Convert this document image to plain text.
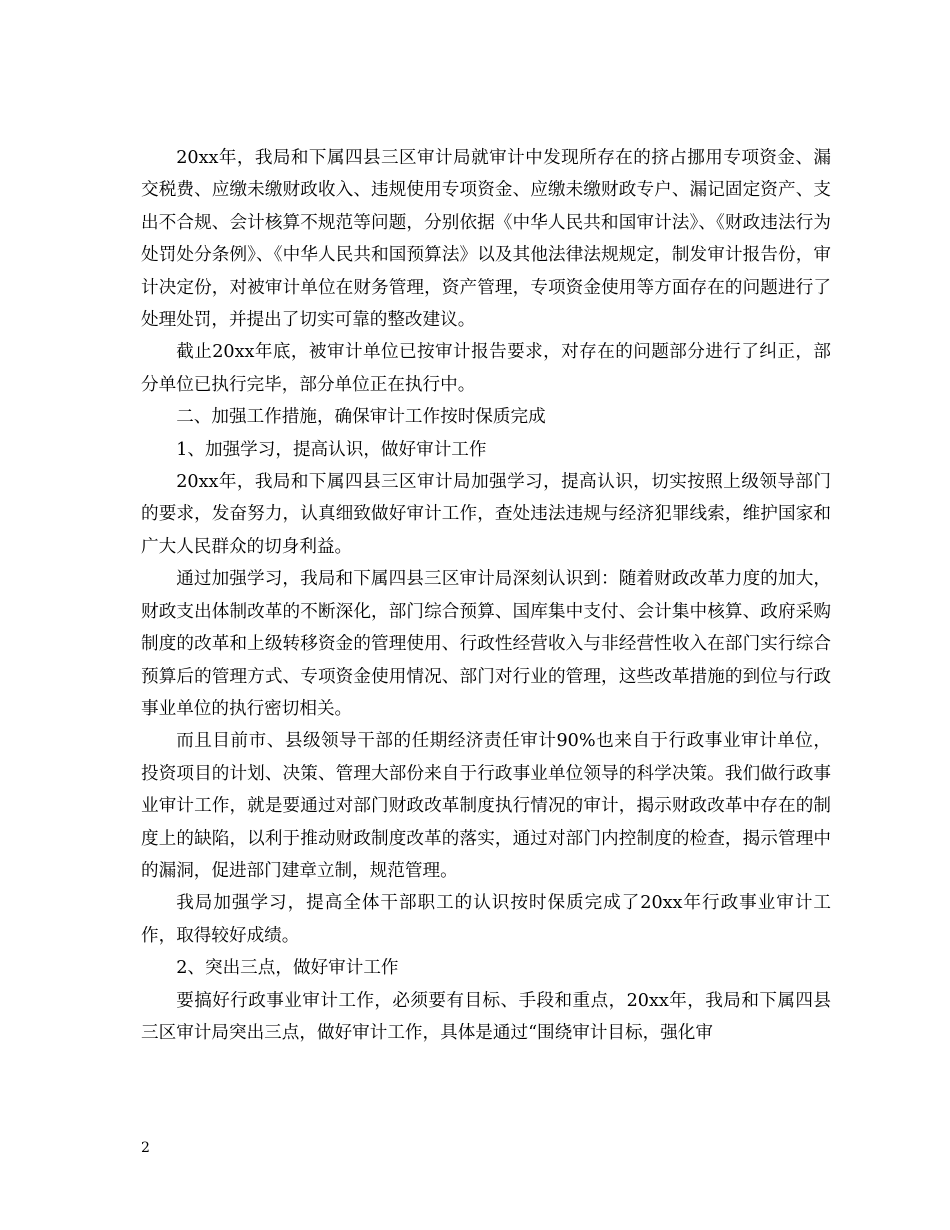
20xx年，我局和下属四县三区审计局就审计中发现所存在的挤占挪用专项资金、漏交税费、应缴未缴财政收入、违规使用专项资金、应缴未缴财政专户、漏记固定资产、支出不合规、会计核算不规范等问题，分别依据《中华人民共和国审计法》、《财政违法行为处罚处分条例》、《中华人民共和国预算法》以及其他法律法规规定，制发审计报告份，审计决定份，对被审计单位在财务管理，资产管理，专项资金使用等方面存在的问题进行了处理处罚，并提出了切实可靠的整改建议。

截止20xx年底，被审计单位已按审计报告要求，对存在的问题部分进行了纠正，部分单位已执行完毕，部分单位正在执行中。

二、加强工作措施，确保审计工作按时保质完成

1、加强学习，提高认识，做好审计工作

20xx年，我局和下属四县三区审计局加强学习，提高认识，切实按照上级领导部门的要求，发奋努力，认真细致做好审计工作，查处违法违规与经济犯罪线索，维护国家和广大人民群众的切身利益。

通过加强学习，我局和下属四县三区审计局深刻认识到：随着财政改革力度的加大，财政支出体制改革的不断深化，部门综合预算、国库集中支付、会计集中核算、政府采购制度的改革和上级转移资金的管理使用、行政性经营收入与非经营性收入在部门实行综合预算后的管理方式、专项资金使用情况、部门对行业的管理，这些改革措施的到位与行政事业单位的执行密切相关。

而且目前市、县级领导干部的任期经济责任审计90%也来自于行政事业审计单位，投资项目的计划、决策、管理大部份来自于行政事业单位领导的科学决策。我们做行政事业审计工作，就是要通过对部门财政改革制度执行情况的审计，揭示财政改革中存在的制度上的缺陷，以利于推动财政制度改革的落实，通过对部门内控制度的检查，揭示管理中的漏洞，促进部门建章立制，规范管理。

我局加强学习，提高全体干部职工的认识按时保质完成了20xx年行政事业审计工作，取得较好成绩。

2、突出三点，做好审计工作

要搞好行政事业审计工作，必须要有目标、手段和重点，20xx年，我局和下属四县三区审计局突出三点，做好审计工作，具体是通过“围绕审计目标，强化审

2
